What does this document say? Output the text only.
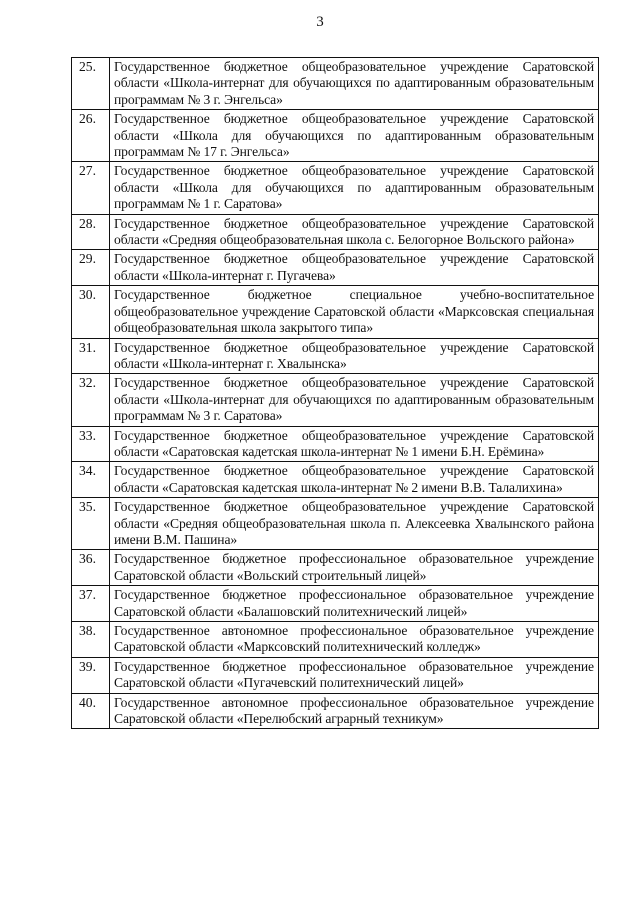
3
25.	Государственное бюджетное общеобразовательное учреждение Саратовской области «Школа-интернат для обучающихся по адаптированным образовательным программам № 3 г. Энгельса»
26.	Государственное бюджетное общеобразовательное учреждение Саратовской области «Школа для обучающихся по адаптированным образовательным программам № 17 г. Энгельса»
27.	Государственное бюджетное общеобразовательное учреждение Саратовской области «Школа для обучающихся по адаптированным образовательным программам № 1 г. Саратова»
28.	Государственное бюджетное общеобразовательное учреждение Саратовской области «Средняя общеобразовательная школа с. Белогорное Вольского района»
29.	Государственное бюджетное общеобразовательное учреждение Саратовской области «Школа-интернат г. Пугачева»
30.	Государственное бюджетное специальное учебно-воспитательное общеобразовательное учреждение Саратовской области «Марксовская специальная общеобразовательная школа закрытого типа»
31.	Государственное бюджетное общеобразовательное учреждение Саратовской области «Школа-интернат г. Хвалынска»
32.	Государственное бюджетное общеобразовательное учреждение Саратовской области «Школа-интернат для обучающихся по адаптированным образовательным программам № 3 г. Саратова»
33.	Государственное бюджетное общеобразовательное учреждение Саратовской области «Саратовская кадетская школа-интернат № 1 имени Б.Н. Ерёмина»
34.	Государственное бюджетное общеобразовательное учреждение Саратовской области «Саратовская кадетская школа-интернат № 2 имени В.В. Талалихина»
35.	Государственное бюджетное общеобразовательное учреждение Саратовской области «Средняя общеобразовательная школа п. Алексеевка Хвалынского района имени В.М. Пашина»
36.	Государственное бюджетное профессиональное образовательное учреждение Саратовской области «Вольский строительный лицей»
37.	Государственное бюджетное профессиональное образовательное учреждение Саратовской области «Балашовский политехнический лицей»
38.	Государственное автономное профессиональное образовательное учреждение Саратовской области «Марксовский политехнический колледж»
39.	Государственное бюджетное профессиональное образовательное учреждение Саратовской области «Пугачевский политехнический лицей»
40.	Государственное автономное профессиональное образовательное учреждение Саратовской области «Перелюбский аграрный техникум»
